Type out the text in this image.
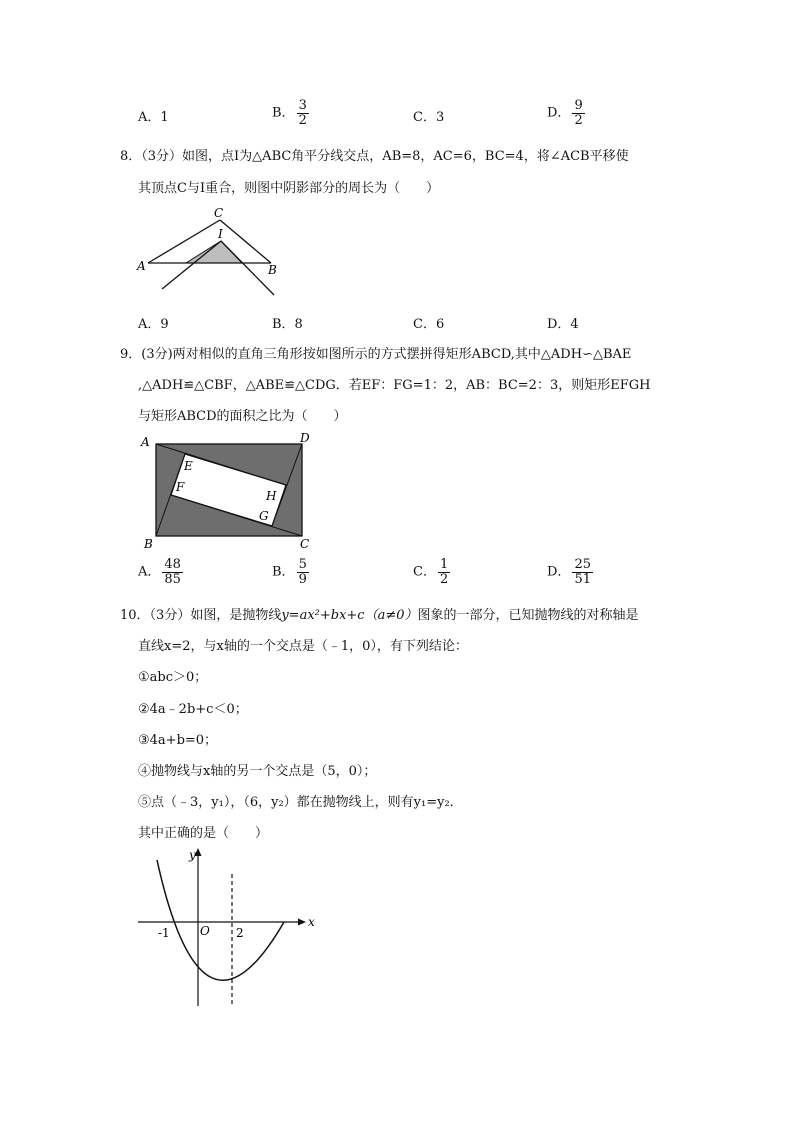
A．1	B． $\frac{3}{2}$	C．3	D． $\frac{9}{2}$
8．（3分）如图，点I为△ABC角平分线交点，AB=8，AC=6，BC=4，将∠ACB平移使
其顶点C与I重合，则图中阴影部分的周长为（　　）
C
I
A	B
A．9	B．8	C．6	D．4
9．(3分)两对相似的直角三角形按如图所示的方式摆拼得矩形ABCD,其中△ADH∽△BAE
,△ADH≌△CBF，△ABE≌△CDG．若EF：FG=1：2，AB：BC=2：3，则矩形EFGH
与矩形ABCD的面积之比为（　　）
A	D
E
F
H
G
B	C
A． $\frac{48}{85}$	B． $\frac{5}{9}$	C． $\frac{1}{2}$	D． $\frac{25}{51}$
10．（3分）如图，是抛物线y=ax²+bx+c（a≠0）图象的一部分，已知抛物线的对称轴是
直线x=2，与x轴的一个交点是（﹣1，0），有下列结论：
①abc＞0；
②4a﹣2b+c＜0；
③4a+b=0；
④抛物线与x轴的另一个交点是（5，0）；
⑤点（﹣3，y₁），（6，y₂）都在抛物线上，则有y₁=y₂．
其中正确的是（　　）
y
x
O
-1	2
